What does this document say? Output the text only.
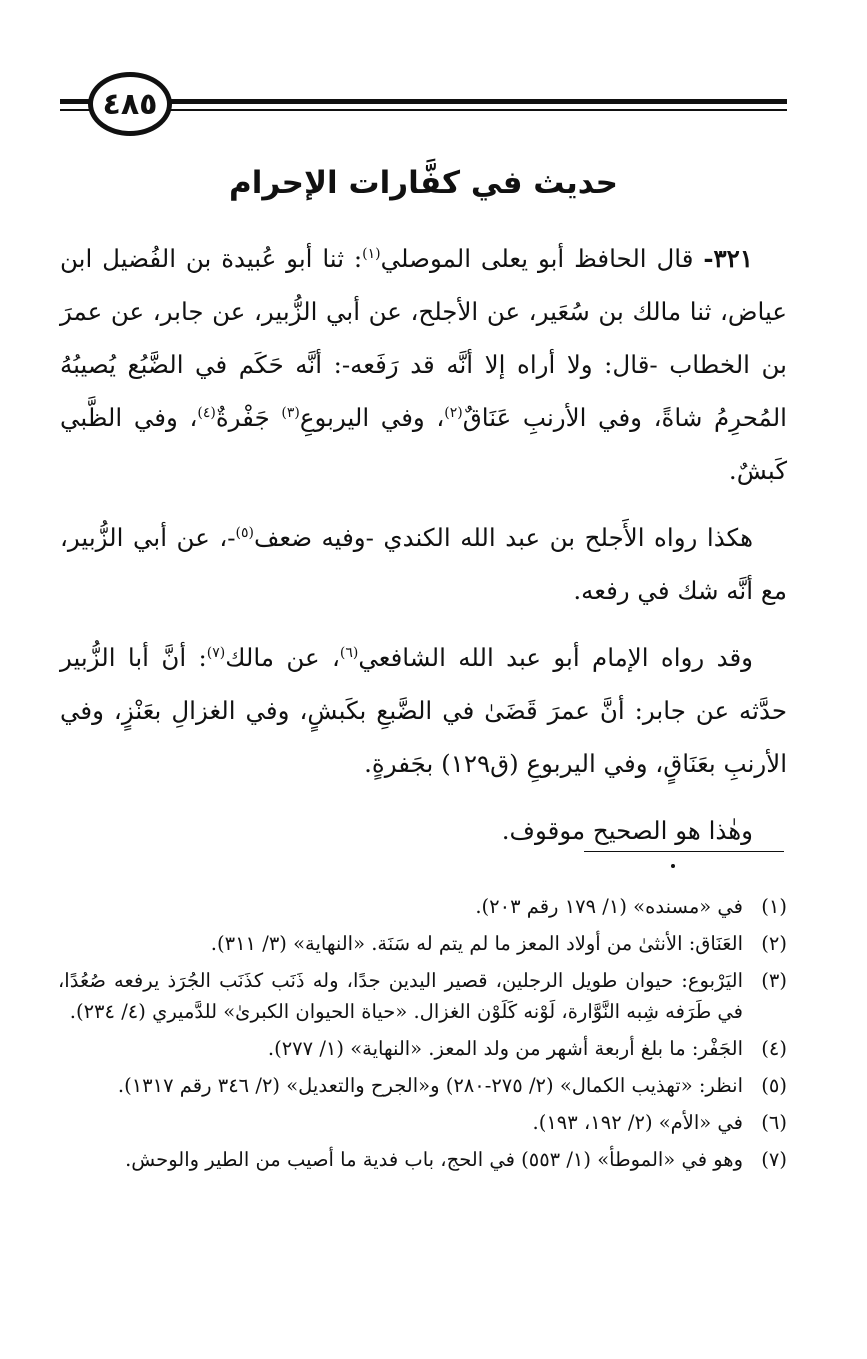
٤٨٥
حديث في كفَّارات الإحرام

٣٢١- قال الحافظ أبو يعلى الموصلي$^{(١)}$: ثنا أبو عُبيدة بن الفُضيل ابن عياض، ثنا مالك بن سُعَير، عن الأجلح، عن أبي الزُّبير، عن جابر، عن عمرَ بن الخطاب -قال: ولا أراه إلا أنَّه قد رَفَعه-: أنَّه حَكَم في الضَّبُع يُصيبُهُ المُحرِمُ شاةً، وفي الأرنبِ عَنَاقٌ$^{(٢)}$، وفي اليربوعِ$^{(٣)}$ جَفْرةٌ$^{(٤)}$، وفي الظَّبي كَبشٌ.

هكذا رواه الأَجلح بن عبد الله الكندي -وفيه ضعف$^{(٥)}$-، عن أبي الزُّبير، مع أنَّه شك في رفعه.

وقد رواه الإمام أبو عبد الله الشافعي$^{(٦)}$، عن مالك$^{(٧)}$: أنَّ أبا الزُّبير حدَّثه عن جابر: أنَّ عمرَ قَضَىٰ في الضَّبعِ بكَبشٍ، وفي الغزالِ بعَنْزٍ، وفي الأرنبِ بعَنَاقٍ، وفي اليربوعِ (ق١٢٩) بجَفرةٍ.

وهٰذا هو الصحيح موقوف.

(١)
في «مسنده» (١/ ١٧٩ رقم ٢٠٣).
(٢)
العَنَاق: الأنثىٰ من أولاد المعز ما لم يتم له سَنَة. «النهاية» (٣/ ٣١١).
(٣)
اليَرْبوع: حيوان طويل الرجلين، قصير اليدين جدًا، وله ذَنَب كذَنَب الجُرَذ يرفعه صُعُدًا، في طَرَفه شِبه النَّوَّارة، لَوْنه كَلَوْن الغزال. «حياة الحيوان الكبرىٰ» للدَّميري (٤/ ٢٣٤).
(٤)
الجَفْر: ما بلغ أربعة أشهر من ولد المعز. «النهاية» (١/ ٢٧٧).
(٥)
انظر: «تهذيب الكمال» (٢/ ٢٧٥-٢٨٠) و«الجرح والتعديل» (٢/ ٣٤٦ رقم ١٣١٧).
(٦)
في «الأم» (٢/ ١٩٢، ١٩٣).
(٧)
وهو في «الموطأ» (١/ ٥٥٣) في الحج، باب فدية ما أصيب من الطير والوحش.
